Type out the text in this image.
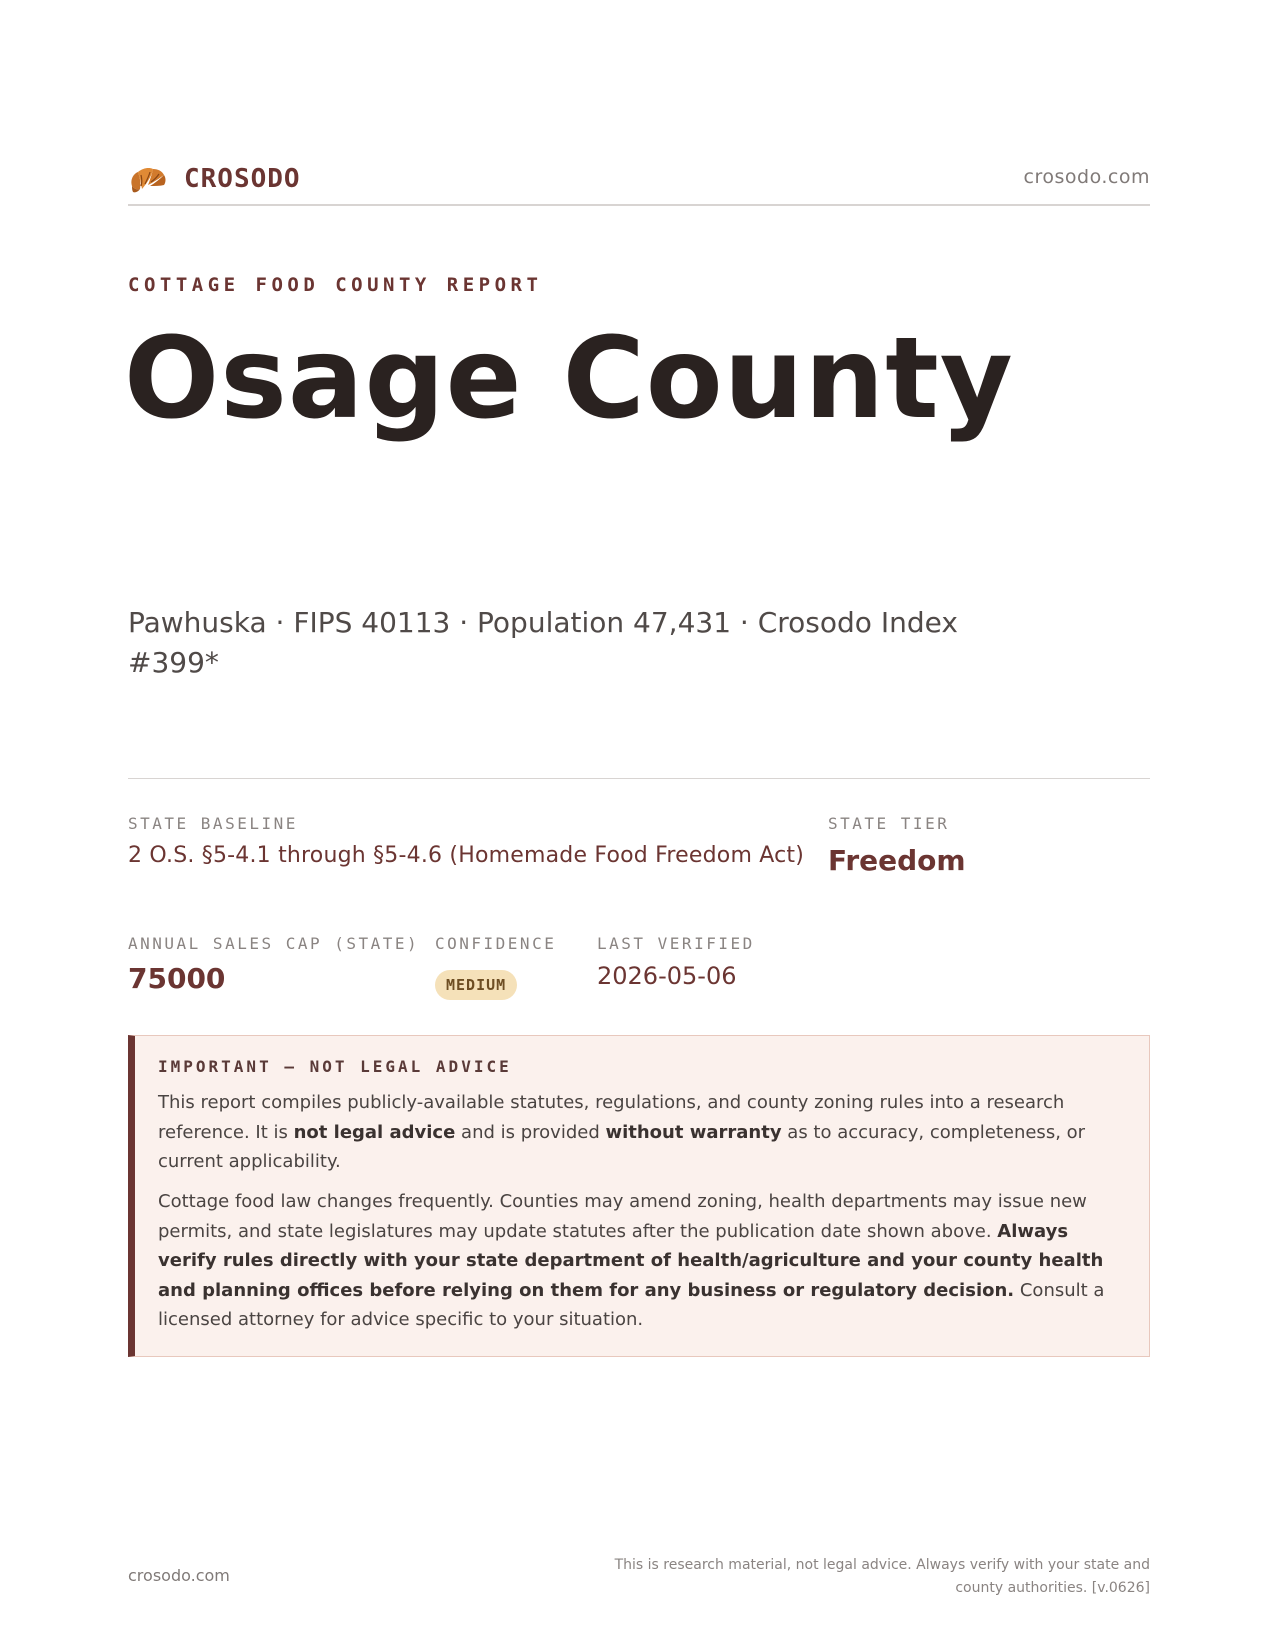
CROSODO	crosodo.com
COTTAGE FOOD COUNTY REPORT
Osage County
Pawhuska · FIPS 40113 · Population 47,431 · Crosodo Index #399*
STATE BASELINE
2 O.S. §5-4.1 through §5-4.6 (Homemade Food Freedom Act)
STATE TIER
Freedom
ANNUAL SALES CAP (STATE)
75000
CONFIDENCE
MEDIUM
LAST VERIFIED
2026-05-06
IMPORTANT — NOT LEGAL ADVICE
This report compiles publicly-available statutes, regulations, and county zoning rules into a research reference. It is not legal advice and is provided without warranty as to accuracy, completeness, or current applicability.
Cottage food law changes frequently. Counties may amend zoning, health departments may issue new permits, and state legislatures may update statutes after the publication date shown above. Always verify rules directly with your state department of health/agriculture and your county health and planning offices before relying on them for any business or regulatory decision. Consult a licensed attorney for advice specific to your situation.
crosodo.com
This is research material, not legal advice. Always verify with your state and county authorities. [v.0626]
